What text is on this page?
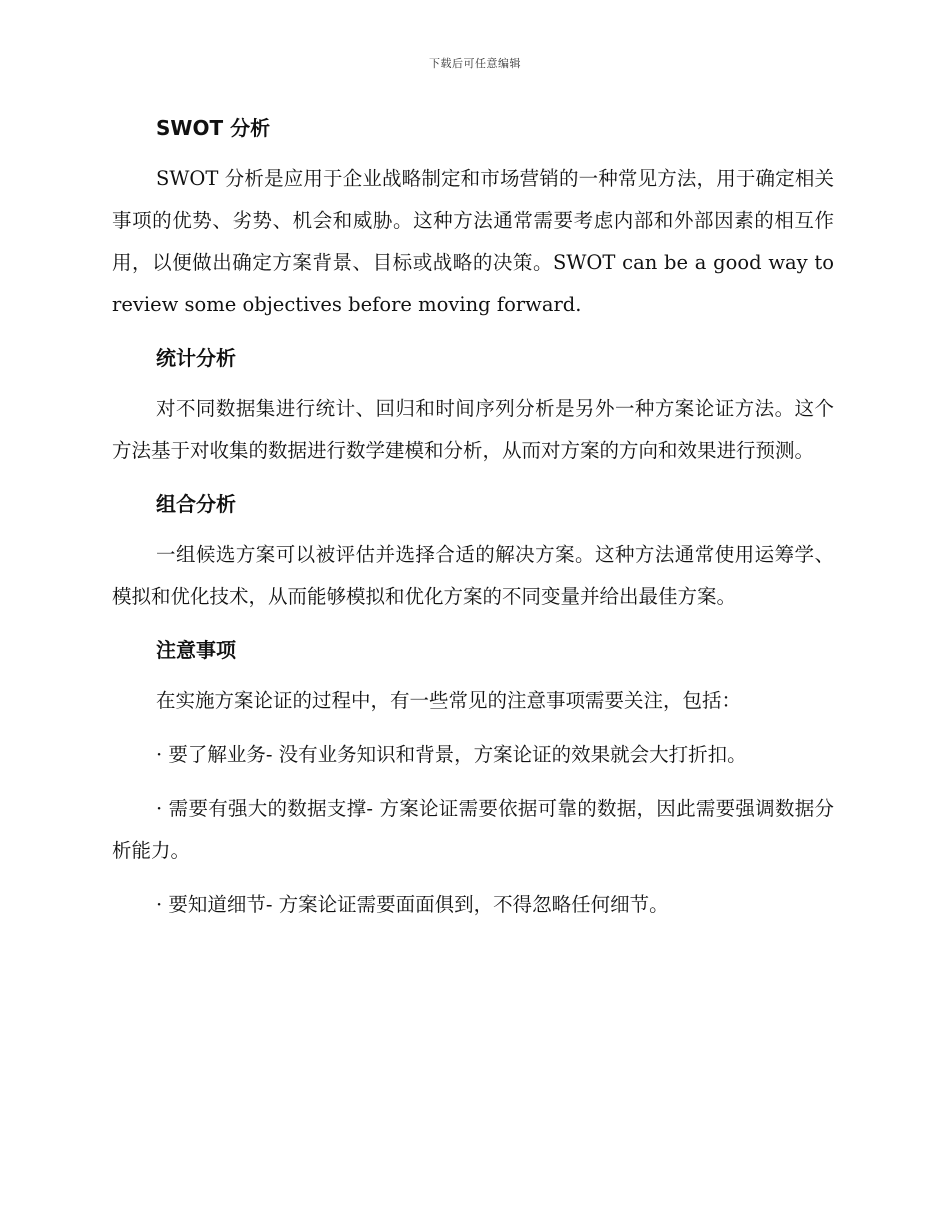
下载后可任意编辑
SWOT 分析

SWOT 分析是应用于企业战略制定和市场营销的一种常见方法，用于确定相关事项的优势、劣势、机会和威胁。这种方法通常需要考虑内部和外部因素的相互作用，以便做出确定方案背景、目标或战略的决策。SWOT can be a good way to review some objectives before moving forward.

统计分析

对不同数据集进行统计、回归和时间序列分析是另外一种方案论证方法。这个方法基于对收集的数据进行数学建模和分析，从而对方案的方向和效果进行预测。

组合分析

一组候选方案可以被评估并选择合适的解决方案。这种方法通常使用运筹学、模拟和优化技术，从而能够模拟和优化方案的不同变量并给出最佳方案。

注意事项

在实施方案论证的过程中，有一些常见的注意事项需要关注，包括：

· 要了解业务- 没有业务知识和背景，方案论证的效果就会大打折扣。

· 需要有强大的数据支撑- 方案论证需要依据可靠的数据，因此需要强调数据分析能力。

· 要知道细节- 方案论证需要面面俱到，不得忽略任何细节。
